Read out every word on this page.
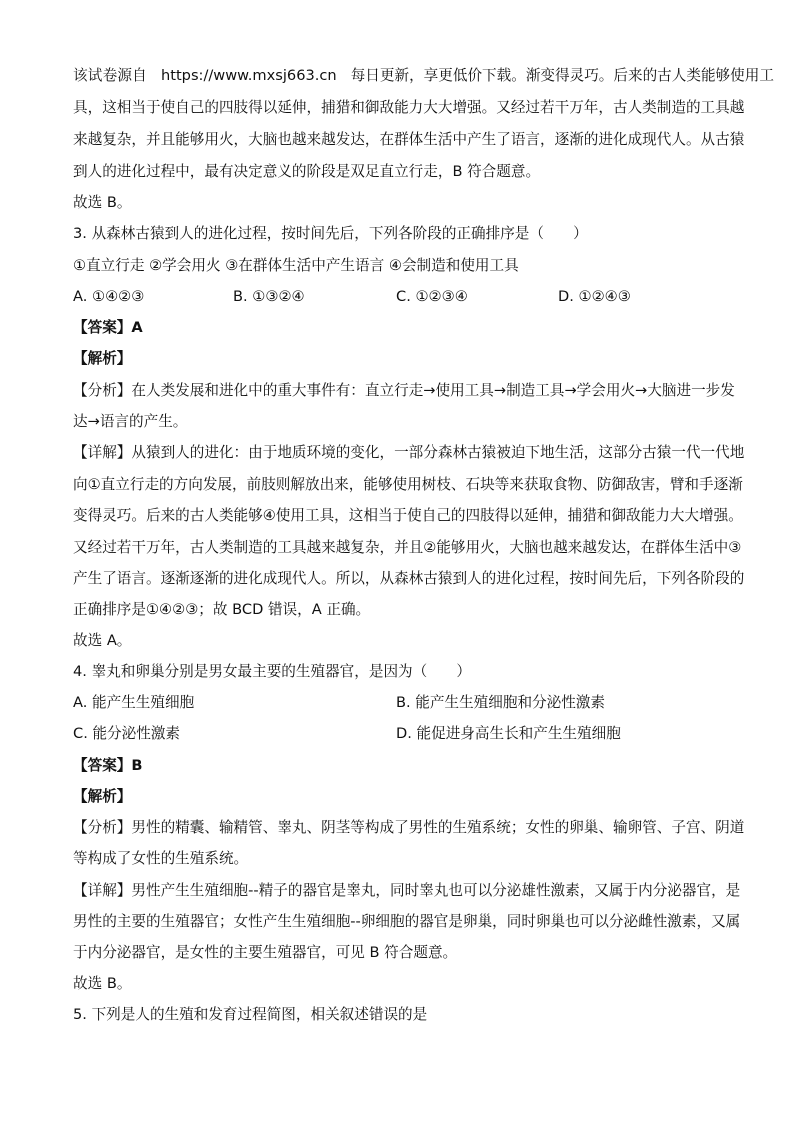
该试卷源自 https://www.mxsj663.cn 每日更新，享更低价下载。渐变得灵巧。后来的古人类能够使用工
具，这相当于使自己的四肢得以延伸，捕猎和御敌能力大大增强。又经过若干万年，古人类制造的工具越
来越复杂，并且能够用火，大脑也越来越发达，在群体生活中产生了语言，逐渐的进化成现代人。从古猿
到人的进化过程中，最有决定意义的阶段是双足直立行走，B 符合题意。
故选 B。
3. 从森林古猿到人的进化过程，按时间先后，下列各阶段的正确排序是（　　）
①直立行走 ②学会用火 ③在群体生活中产生语言 ④会制造和使用工具
A. ①④②③	B. ①③②④	C. ①②③④	D. ①②④③
【答案】A
【解析】
【分析】在人类发展和进化中的重大事件有：直立行走→使用工具→制造工具→学会用火→大脑进一步发
达→语言的产生。
【详解】从猿到人的进化：由于地质环境的变化，一部分森林古猿被迫下地生活，这部分古猿一代一代地
向①直立行走的方向发展，前肢则解放出来，能够使用树枝、石块等来获取食物、防御敌害，臂和手逐渐
变得灵巧。后来的古人类能够④使用工具，这相当于使自己的四肢得以延伸，捕猎和御敌能力大大增强。
又经过若干万年，古人类制造的工具越来越复杂，并且②能够用火，大脑也越来越发达，在群体生活中③
产生了语言。逐渐逐渐的进化成现代人。所以，从森林古猿到人的进化过程，按时间先后，下列各阶段的
正确排序是①④②③；故 BCD 错误，A 正确。
故选 A。
4. 睾丸和卵巢分别是男女最主要的生殖器官，是因为（　　）
A. 能产生生殖细胞	B. 能产生生殖细胞和分泌性激素
C. 能分泌性激素	D. 能促进身高生长和产生生殖细胞
【答案】B
【解析】
【分析】男性的精囊、输精管、睾丸、阴茎等构成了男性的生殖系统；女性的卵巢、输卵管、子宫、阴道
等构成了女性的生殖系统。
【详解】男性产生生殖细胞--精子的器官是睾丸，同时睾丸也可以分泌雄性激素，又属于内分泌器官，是
男性的主要的生殖器官；女性产生生殖细胞--卵细胞的器官是卵巢，同时卵巢也可以分泌雌性激素，又属
于内分泌器官，是女性的主要生殖器官，可见 B 符合题意。
故选 B。
5. 下列是人的生殖和发育过程简图，相关叙述错误的是
